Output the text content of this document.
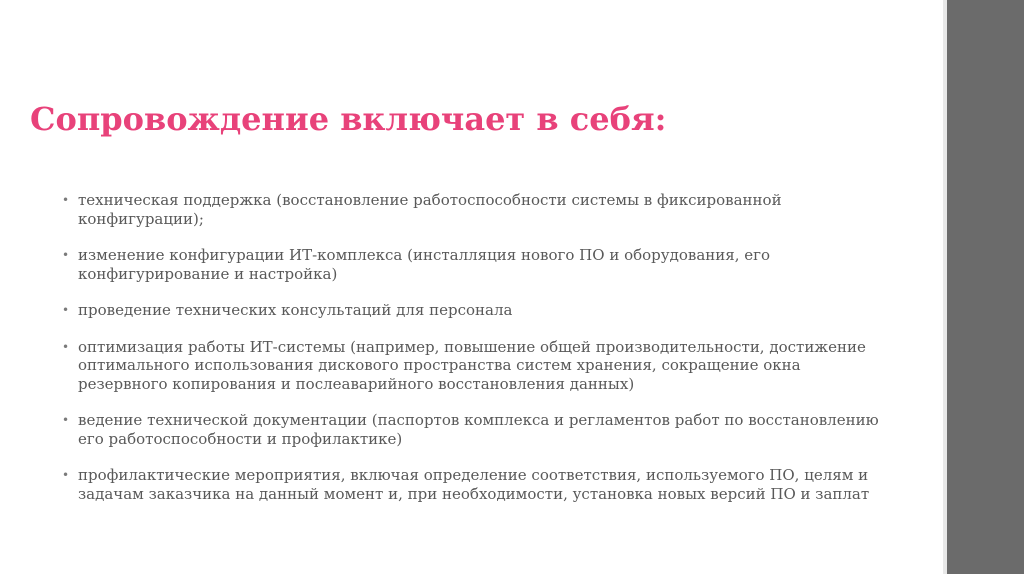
Сопровождение включает в себя:
• техническая поддержка (восстановление работоспособности системы в фиксированной конфигурации);
• изменение конфигурации ИТ-комплекса (инсталляция нового ПО и оборудования, его конфигурирование и настройка)
• проведение технических консультаций для персонала
• оптимизация работы ИТ-системы (например, повышение общей производительности, достижение оптимального использования дискового пространства систем хранения, сокращение окна резервного копирования и послеаварийного восстановления данных)
• ведение технической документации (паспортов комплекса и регламентов работ по восстановлению его работоспособности и профилактике)
• профилактические мероприятия, включая определение соответствия, используемого ПО, целям и задачам заказчика на данный момент и, при необходимости, установка новых версий ПО и заплат
